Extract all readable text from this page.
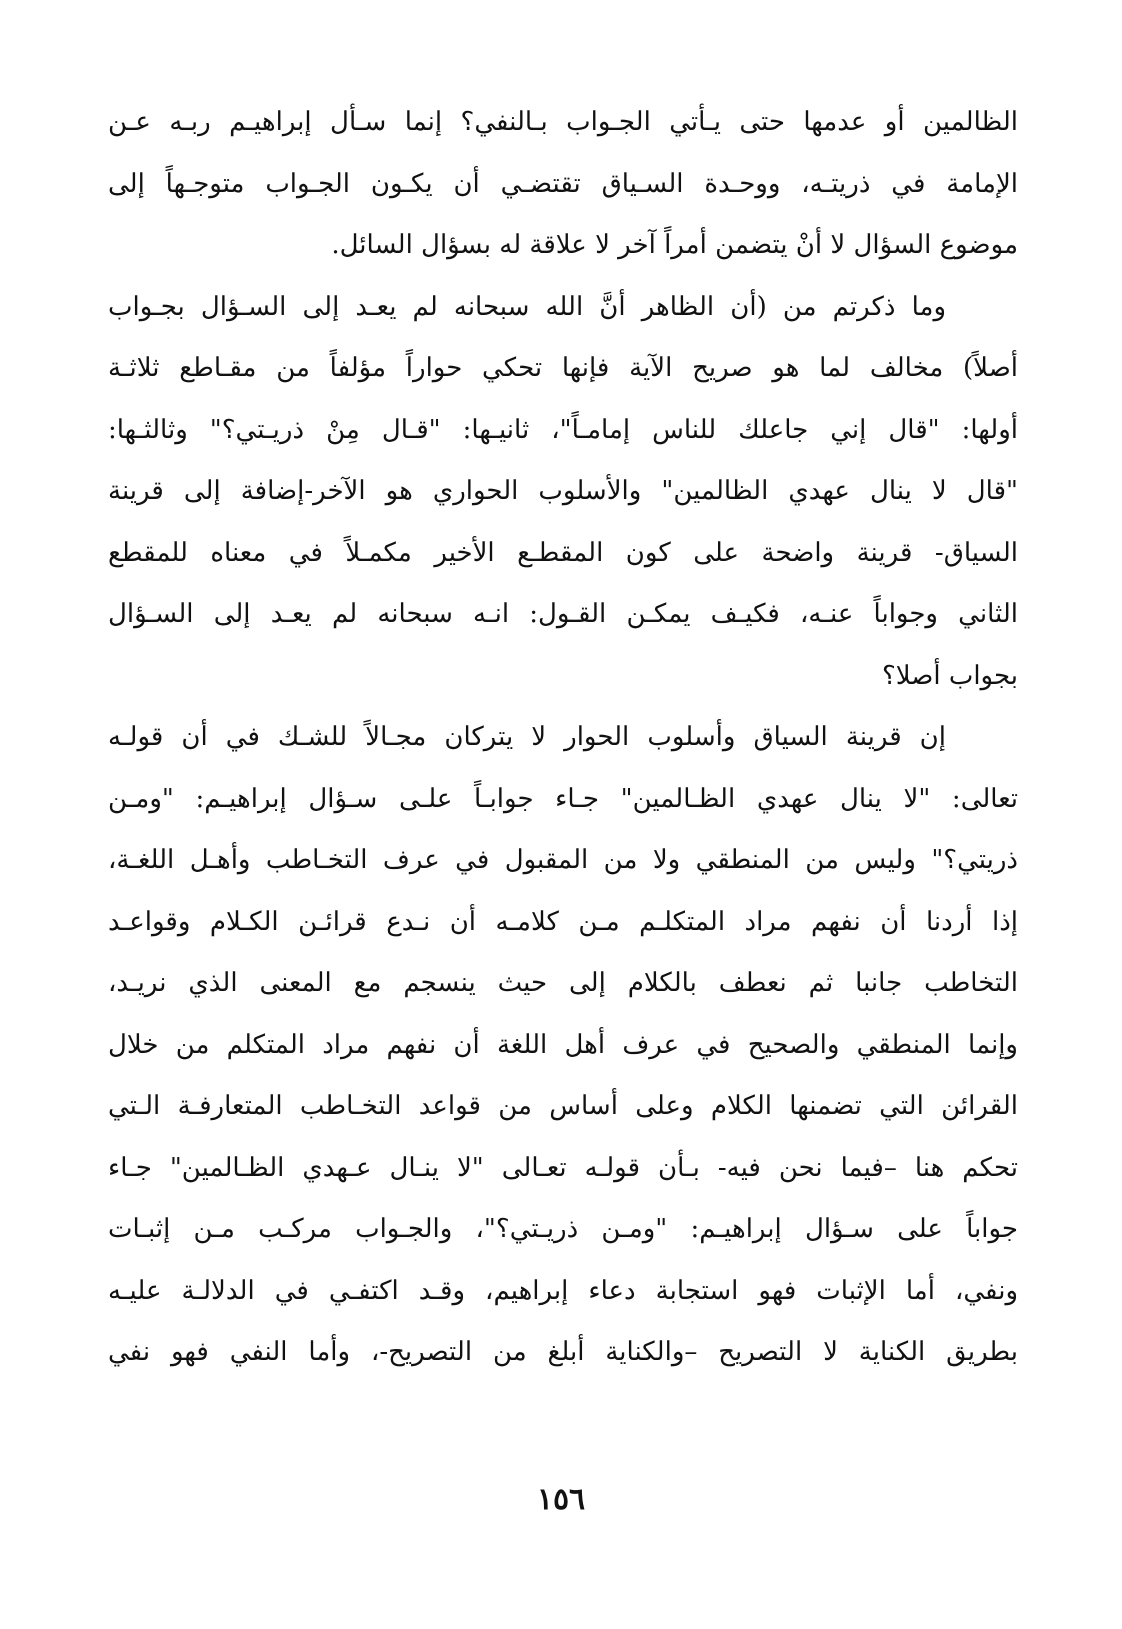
الظالمين أو عدمها حتى يـأتي الجـواب بـالنفي؟ إنما سـأل إبراهيـم ربـه عـن
الإمامة في ذريتـه، ووحـدة السـياق تقتضـي أن يكـون الجـواب متوجـهاً إلى
موضوع السؤال لا أنْ يتضمن أمراً آخر لا علاقة له بسؤال السائل.
وما ذكرتم من (أن الظاهر أنَّ الله سبحانه لم يعـد إلى السـؤال بجـواب
أصلاً) مخالف لما هو صريح الآية فإنها تحكي حواراً مؤلفاً من مقـاطع ثلاثـة
أولها: "قال إني جاعلك للناس إمامـاً"، ثانيـها: "قـال مِنْ ذريـتي؟" وثالثـها:
"قال لا ينال عهدي الظالمين" والأسلوب الحواري هو الآخر-إضافة إلى قرينة
السياق- قرينة واضحة على كون المقطـع الأخير مكمـلاً في معناه للمقطع
الثاني وجواباً عنـه، فكيـف يمكـن القـول: انـه سبحانه لم يعـد إلى السـؤال
بجواب أصلا؟
إن قرينة السياق وأسلوب الحوار لا يتركان مجـالاً للشـك في أن قولـه
تعالى: "لا ينال عهدي الظـالمين" جـاء جوابـاً علـى سـؤال إبراهيـم: "ومـن
ذريتي؟" وليس من المنطقي ولا من المقبول في عرف التخـاطب وأهـل اللغـة،
إذا أردنا أن نفهم مراد المتكلـم مـن كلامـه أن نـدع قرائـن الكـلام وقواعـد
التخاطب جانبا ثم نعطف بالكلام إلى حيث ينسجم مع المعنى الذي نريـد،
وإنما المنطقي والصحيح في عرف أهل اللغة أن نفهم مراد المتكلم من خلال
القرائن التي تضمنها الكلام وعلى أساس من قواعد التخـاطب المتعارفـة الـتي
تحكم هنا –فيما نحن فيه- بـأن قولـه تعـالى "لا ينـال عـهدي الظـالمين" جـاء
جواباً على سـؤال إبراهيـم: "ومـن ذريـتي؟"، والجـواب مركـب مـن إثبـات
ونفي، أما الإثبات فهو استجابة دعاء إبراهيم، وقـد اكتفـي في الدلالـة عليـه
بطريق الكناية لا التصريح –والكناية أبلغ من التصريح-، وأما النفي فهو نفي
١٥٦
